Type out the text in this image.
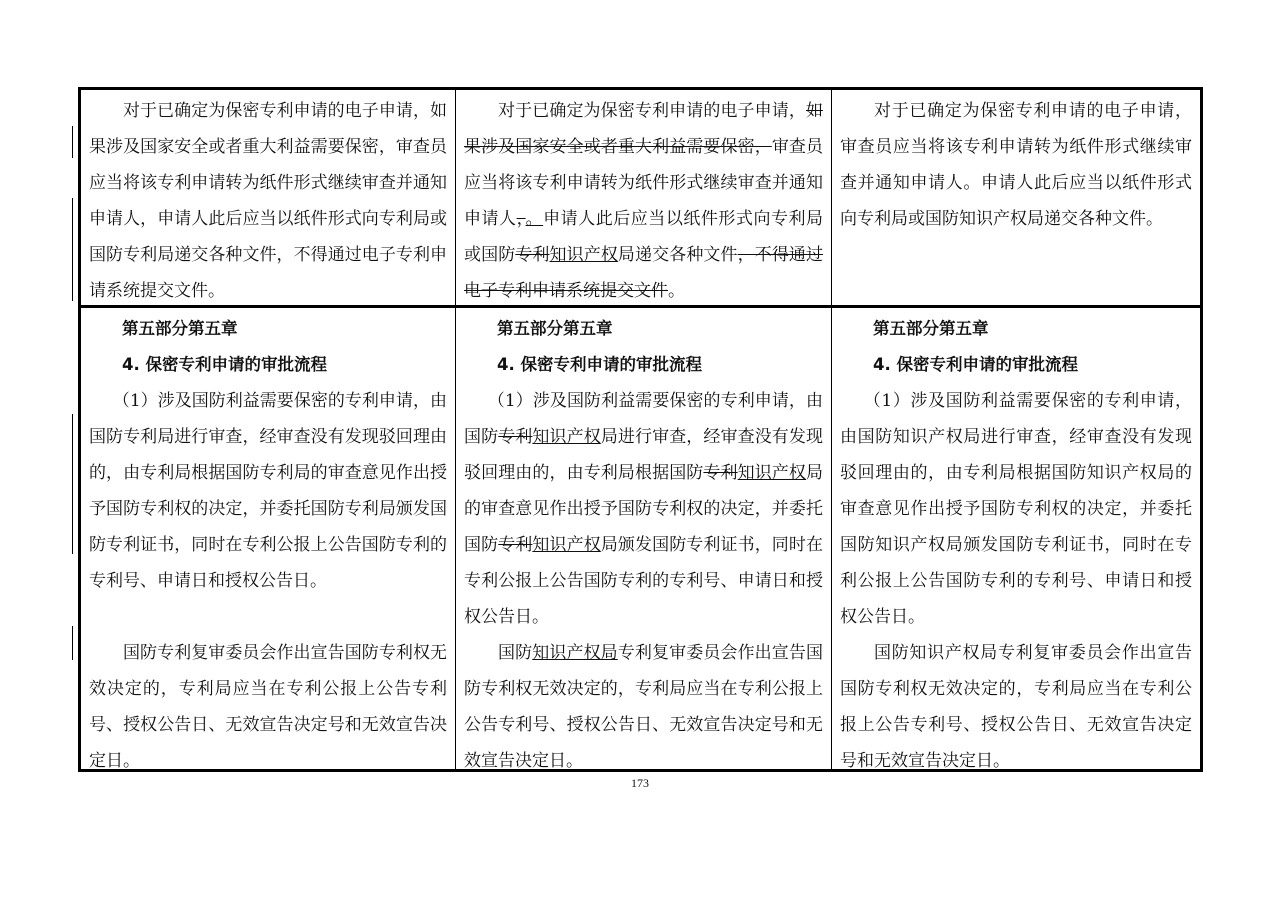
对于已确定为保密专利申请的电子申请，如果涉及国家安全或者重大利益需要保密，审查员应当将该专利申请转为纸件形式继续审查并通知申请人，申请人此后应当以纸件形式向专利局或国防专利局递交各种文件，不得通过电子专利申请系统提交文件。

对于已确定为保密专利申请的电子申请，如果涉及国家安全或者重大利益需要保密，审查员应当将该专利申请转为纸件形式继续审查并通知申请人，。申请人此后应当以纸件形式向专利局或国防专利知识产权局递交各种文件，不得通过电子专利申请系统提交文件。

对于已确定为保密专利申请的电子申请，审查员应当将该专利申请转为纸件形式继续审查并通知申请人。申请人此后应当以纸件形式向专利局或国防知识产权局递交各种文件。

第五部分第五章

4. 保密专利申请的审批流程

（1）涉及国防利益需要保密的专利申请，由国防专利局进行审查，经审查没有发现驳回理由的，由专利局根据国防专利局的审查意见作出授予国防专利权的决定，并委托国防专利局颁发国防专利证书，同时在专利公报上公告国防专利的专利号、申请日和授权公告日。

国防专利复审委员会作出宣告国防专利权无效决定的，专利局应当在专利公报上公告专利号、授权公告日、无效宣告决定号和无效宣告决定日。

第五部分第五章

4. 保密专利申请的审批流程

（1）涉及国防利益需要保密的专利申请，由国防专利知识产权局进行审查，经审查没有发现驳回理由的，由专利局根据国防专利知识产权局的审查意见作出授予国防专利权的决定，并委托国防专利知识产权局颁发国防专利证书，同时在专利公报上公告国防专利的专利号、申请日和授权公告日。

国防知识产权局专利复审委员会作出宣告国防专利权无效决定的，专利局应当在专利公报上公告专利号、授权公告日、无效宣告决定号和无效宣告决定日。

第五部分第五章

4. 保密专利申请的审批流程

（1）涉及国防利益需要保密的专利申请，由国防知识产权局进行审查，经审查没有发现驳回理由的，由专利局根据国防知识产权局的审查意见作出授予国防专利权的决定，并委托国防知识产权局颁发国防专利证书，同时在专利公报上公告国防专利的专利号、申请日和授权公告日。

国防知识产权局专利复审委员会作出宣告国防专利权无效决定的，专利局应当在专利公报上公告专利号、授权公告日、无效宣告决定号和无效宣告决定日。

173
